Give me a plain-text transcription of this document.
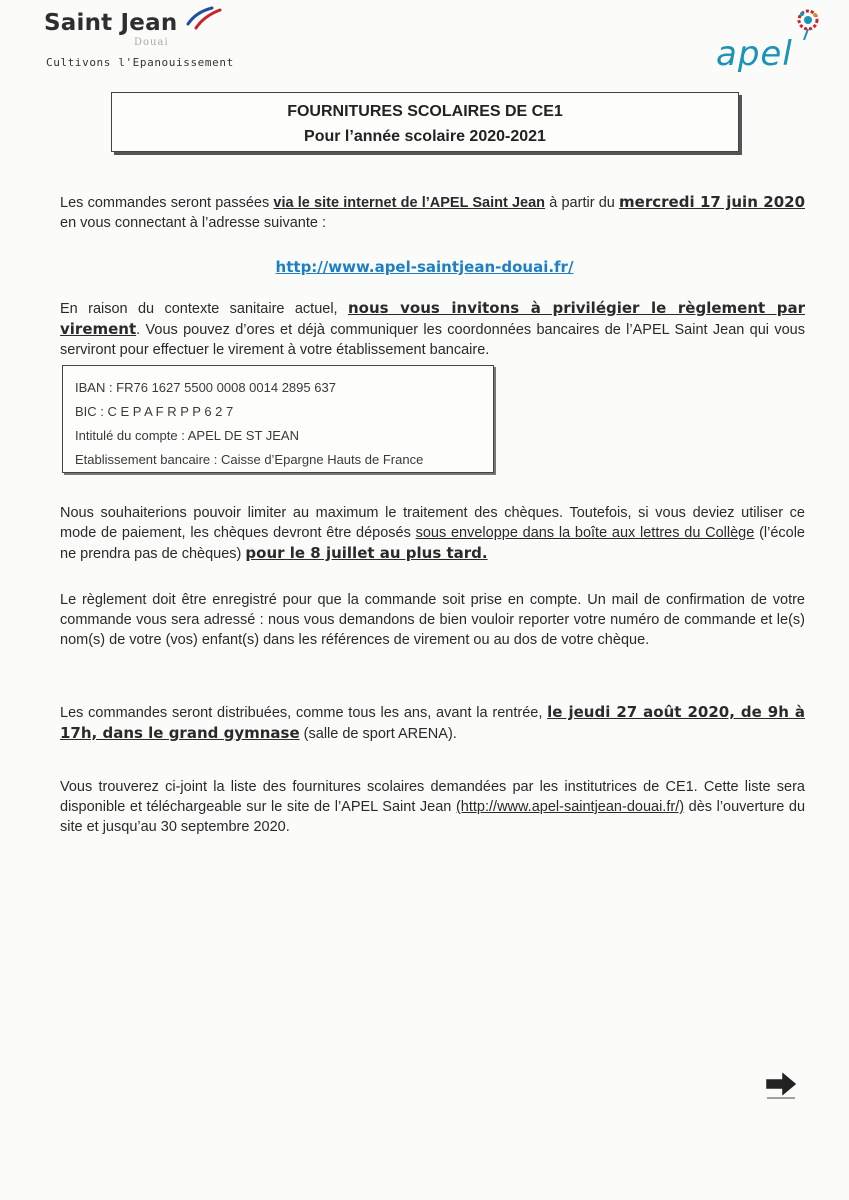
Saint Jean
Douai
Cultivons l'Epanouissement	apel
FOURNITURES SCOLAIRES DE CE1
Pour l’année scolaire 2020-2021
Les commandes seront passées via le site internet de l’APEL Saint Jean à partir du mercredi 17 juin 2020 en vous connectant à l’adresse suivante :
http://www.apel-saintjean-douai.fr/
En raison du contexte sanitaire actuel, nous vous invitons à privilégier le règlement par virement. Vous pouvez d’ores et déjà communiquer les coordonnées bancaires de l’APEL Saint Jean qui vous serviront pour effectuer le virement à votre établissement bancaire.
IBAN : FR76 1627 5500 0008 0014 2895 637
BIC : C E P A F R P P 6 2 7
Intitulé du compte : APEL DE ST JEAN
Etablissement bancaire : Caisse d’Epargne Hauts de France
Nous souhaiterions pouvoir limiter au maximum le traitement des chèques. Toutefois, si vous deviez utiliser ce mode de paiement, les chèques devront être déposés sous enveloppe dans la boîte aux lettres du Collège (l’école ne prendra pas de chèques) pour le 8 juillet au plus tard.
Le règlement doit être enregistré pour que la commande soit prise en compte. Un mail de confirmation de votre commande vous sera adressé : nous vous demandons de bien vouloir reporter votre numéro de commande et le(s) nom(s) de votre (vos) enfant(s) dans les références de virement ou au dos de votre chèque.
Les commandes seront distribuées, comme tous les ans, avant la rentrée, le jeudi 27 août 2020, de 9h à 17h, dans le grand gymnase (salle de sport ARENA).
Vous trouverez ci-joint la liste des fournitures scolaires demandées par les institutrices de CE1. Cette liste sera disponible et téléchargeable sur le site de l’APEL Saint Jean (http://www.apel-saintjean-douai.fr/) dès l’ouverture du site et jusqu’au 30 septembre 2020.
